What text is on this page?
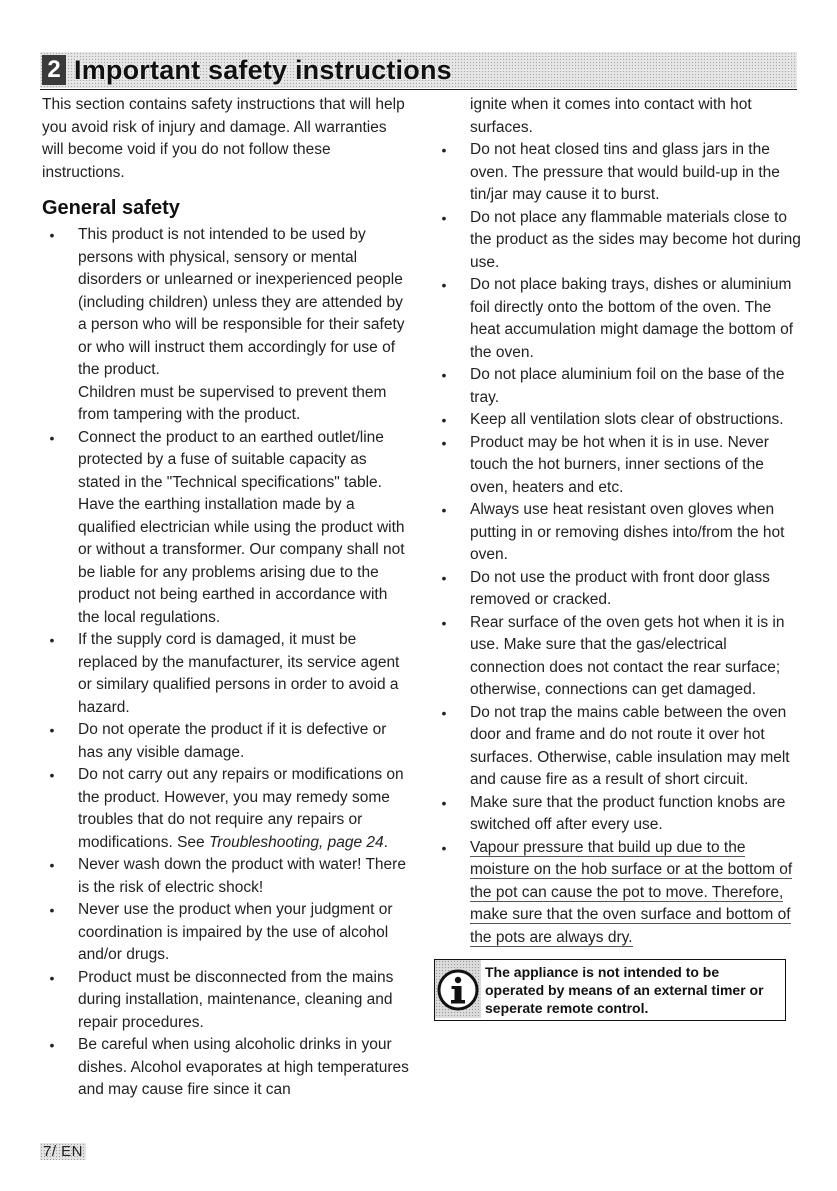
2 Important safety instructions

This section contains safety instructions that will help you avoid risk of injury and damage. All warranties will become void if you do not follow these instructions.

General safety
• This product is not intended to be used by persons with physical, sensory or mental disorders or unlearned or inexperienced people (including children) unless they are attended by a person who will be responsible for their safety or who will instruct them accordingly for use of the product.

Children must be supervised to prevent them from tampering with the product.

• Connect the product to an earthed outlet/line protected by a fuse of suitable capacity as stated in the "Technical specifications" table. Have the earthing installation made by a qualified electrician while using the product with or without a transformer. Our company shall not be liable for any problems arising due to the product not being earthed in accordance with the local regulations.
• If the supply cord is damaged, it must be replaced by the manufacturer, its service agent or similary qualified persons in order to avoid a hazard.
• Do not operate the product if it is defective or has any visible damage.
• Do not carry out any repairs or modifications on the product. However, you may remedy some troubles that do not require any repairs or modifications. See Troubleshooting, page 24.
• Never wash down the product with water! There is the risk of electric shock!
• Never use the product when your judgment or coordination is impaired by the use of alcohol and/or drugs.
• Product must be disconnected from the mains during installation, maintenance, cleaning and repair procedures.
• Be careful when using alcoholic drinks in your dishes. Alcohol evaporates at high temperatures and may cause fire since it can

ignite when it comes into contact with hot surfaces.

• Do not heat closed tins and glass jars in the oven. The pressure that would build-up in the tin/jar may cause it to burst.
• Do not place any flammable materials close to the product as the sides may become hot during use.
• Do not place baking trays, dishes or aluminium foil directly onto the bottom of the oven. The heat accumulation might damage the bottom of the oven.
• Do not place aluminium foil on the base of the tray.
• Keep all ventilation slots clear of obstructions.
• Product may be hot when it is in use. Never touch the hot burners, inner sections of the oven, heaters and etc.
• Always use heat resistant oven gloves when putting in or removing dishes into/from the hot oven.
• Do not use the product with front door glass removed or cracked.
• Rear surface of the oven gets hot when it is in use. Make sure that the gas/electrical connection does not contact the rear surface; otherwise, connections can get damaged.
• Do not trap the mains cable between the oven door and frame and do not route it over hot surfaces. Otherwise, cable insulation may melt and cause fire as a result of short circuit.
• Make sure that the product function knobs are switched off after every use.
• Vapour pressure that build up due to the moisture on the hob surface or at the bottom of the pot can cause the pot to move. Therefore, make sure that the oven surface and bottom of the pots are always dry.
The appliance is not intended to be operated by means of an external timer or seperate remote control.
7/ EN
